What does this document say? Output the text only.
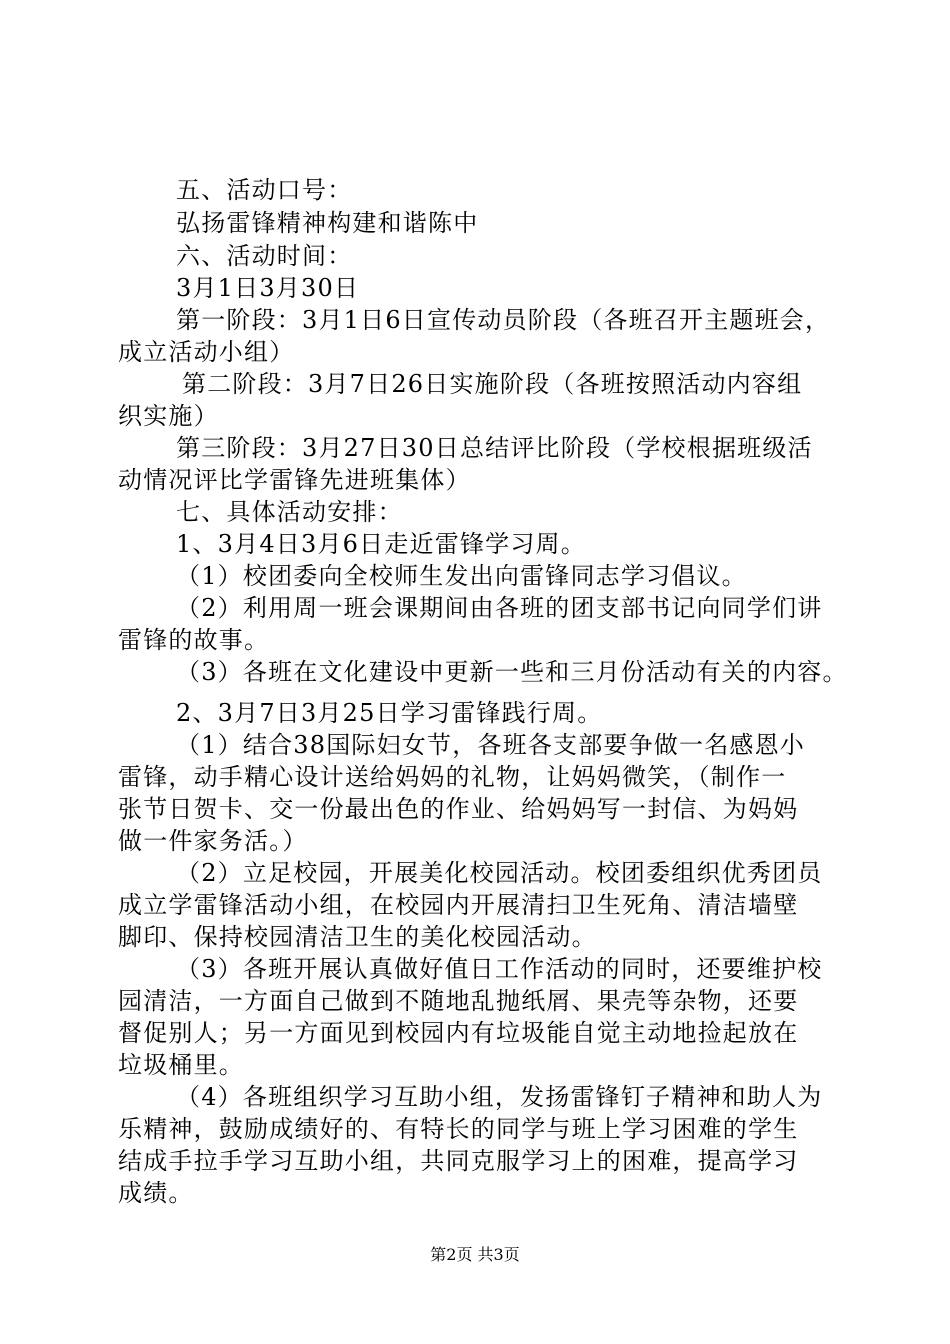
五、活动口号：
弘扬雷锋精神构建和谐陈中
六、活动时间：
3月1日3月30日
第一阶段：3月1日6日宣传动员阶段（各班召开主题班会，
成立活动小组）
第二阶段：3月7日26日实施阶段（各班按照活动内容组
织实施）
第三阶段：3月27日30日总结评比阶段（学校根据班级活
动情况评比学雷锋先进班集体）
七、具体活动安排：
1、3月4日3月6日走近雷锋学习周。
（1）校团委向全校师生发出向雷锋同志学习倡议。
（2）利用周一班会课期间由各班的团支部书记向同学们讲
雷锋的故事。
（3）各班在文化建设中更新一些和三月份活动有关的内容。
2、3月7日3月25日学习雷锋践行周。
（1）结合38国际妇女节，各班各支部要争做一名感恩小
雷锋，动手精心设计送给妈妈的礼物，让妈妈微笑，（制作一
张节日贺卡、交一份最出色的作业、给妈妈写一封信、为妈妈
做一件家务活。）
（2）立足校园，开展美化校园活动。校团委组织优秀团员
成立学雷锋活动小组，在校园内开展清扫卫生死角、清洁墙壁
脚印、保持校园清洁卫生的美化校园活动。
（3）各班开展认真做好值日工作活动的同时，还要维护校
园清洁，一方面自己做到不随地乱抛纸屑、果壳等杂物，还要
督促别人；另一方面见到校园内有垃圾能自觉主动地捡起放在
垃圾桶里。
（4）各班组织学习互助小组，发扬雷锋钉子精神和助人为
乐精神，鼓励成绩好的、有特长的同学与班上学习困难的学生
结成手拉手学习互助小组，共同克服学习上的困难，提高学习
成绩。
第2页 共3页
